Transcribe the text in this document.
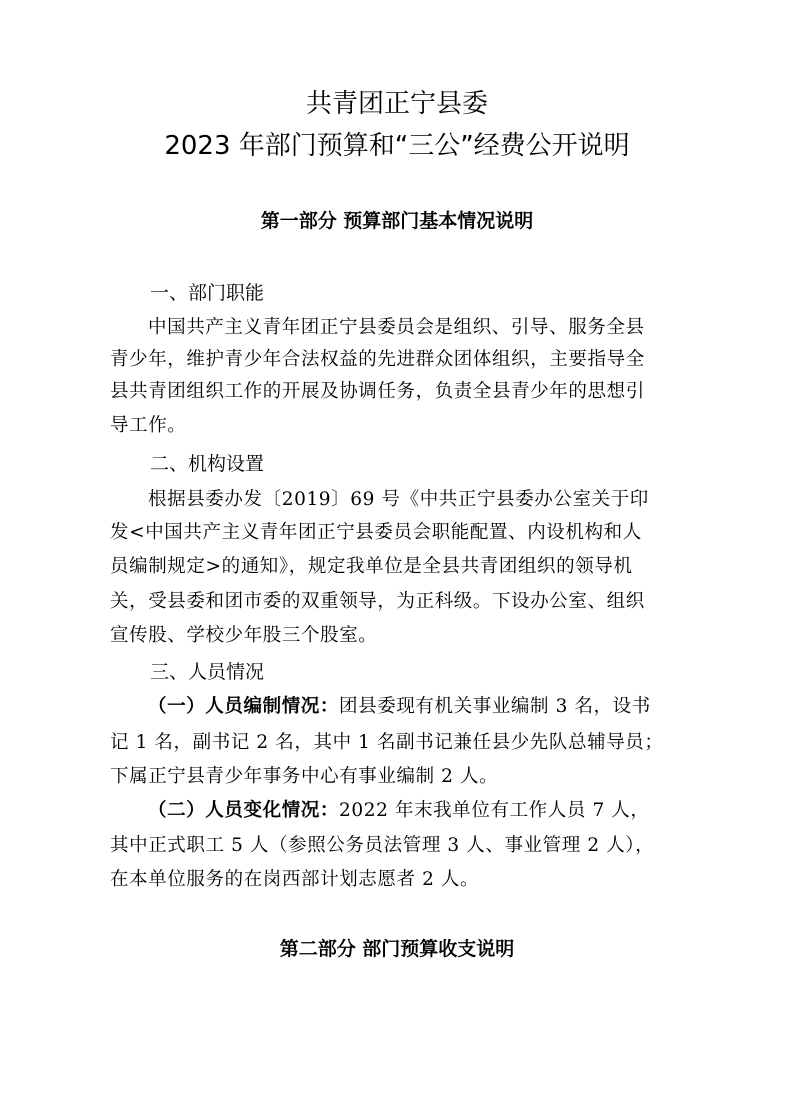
共青团正宁县委
2023 年部门预算和“三公”经费公开说明
第一部分 预算部门基本情况说明
一、部门职能
中国共产主义青年团正宁县委员会是组织、引导、服务全县
青少年，维护青少年合法权益的先进群众团体组织，主要指导全
县共青团组织工作的开展及协调任务，负责全县青少年的思想引
导工作。
二、机构设置
根据县委办发〔2019〕69 号《中共正宁县委办公室关于印
发<中国共产主义青年团正宁县委员会职能配置、内设机构和人
员编制规定>的通知》，规定我单位是全县共青团组织的领导机
关，受县委和团市委的双重领导，为正科级。下设办公室、组织
宣传股、学校少年股三个股室。
三、人员情况
（一）人员编制情况：团县委现有机关事业编制 3 名，设书
记 1 名，副书记 2 名，其中 1 名副书记兼任县少先队总辅导员；
下属正宁县青少年事务中心有事业编制 2 人。
（二）人员变化情况：2022 年末我单位有工作人员 7 人，
其中正式职工 5 人（参照公务员法管理 3 人、事业管理 2 人），
在本单位服务的在岗西部计划志愿者 2 人。
第二部分 部门预算收支说明
